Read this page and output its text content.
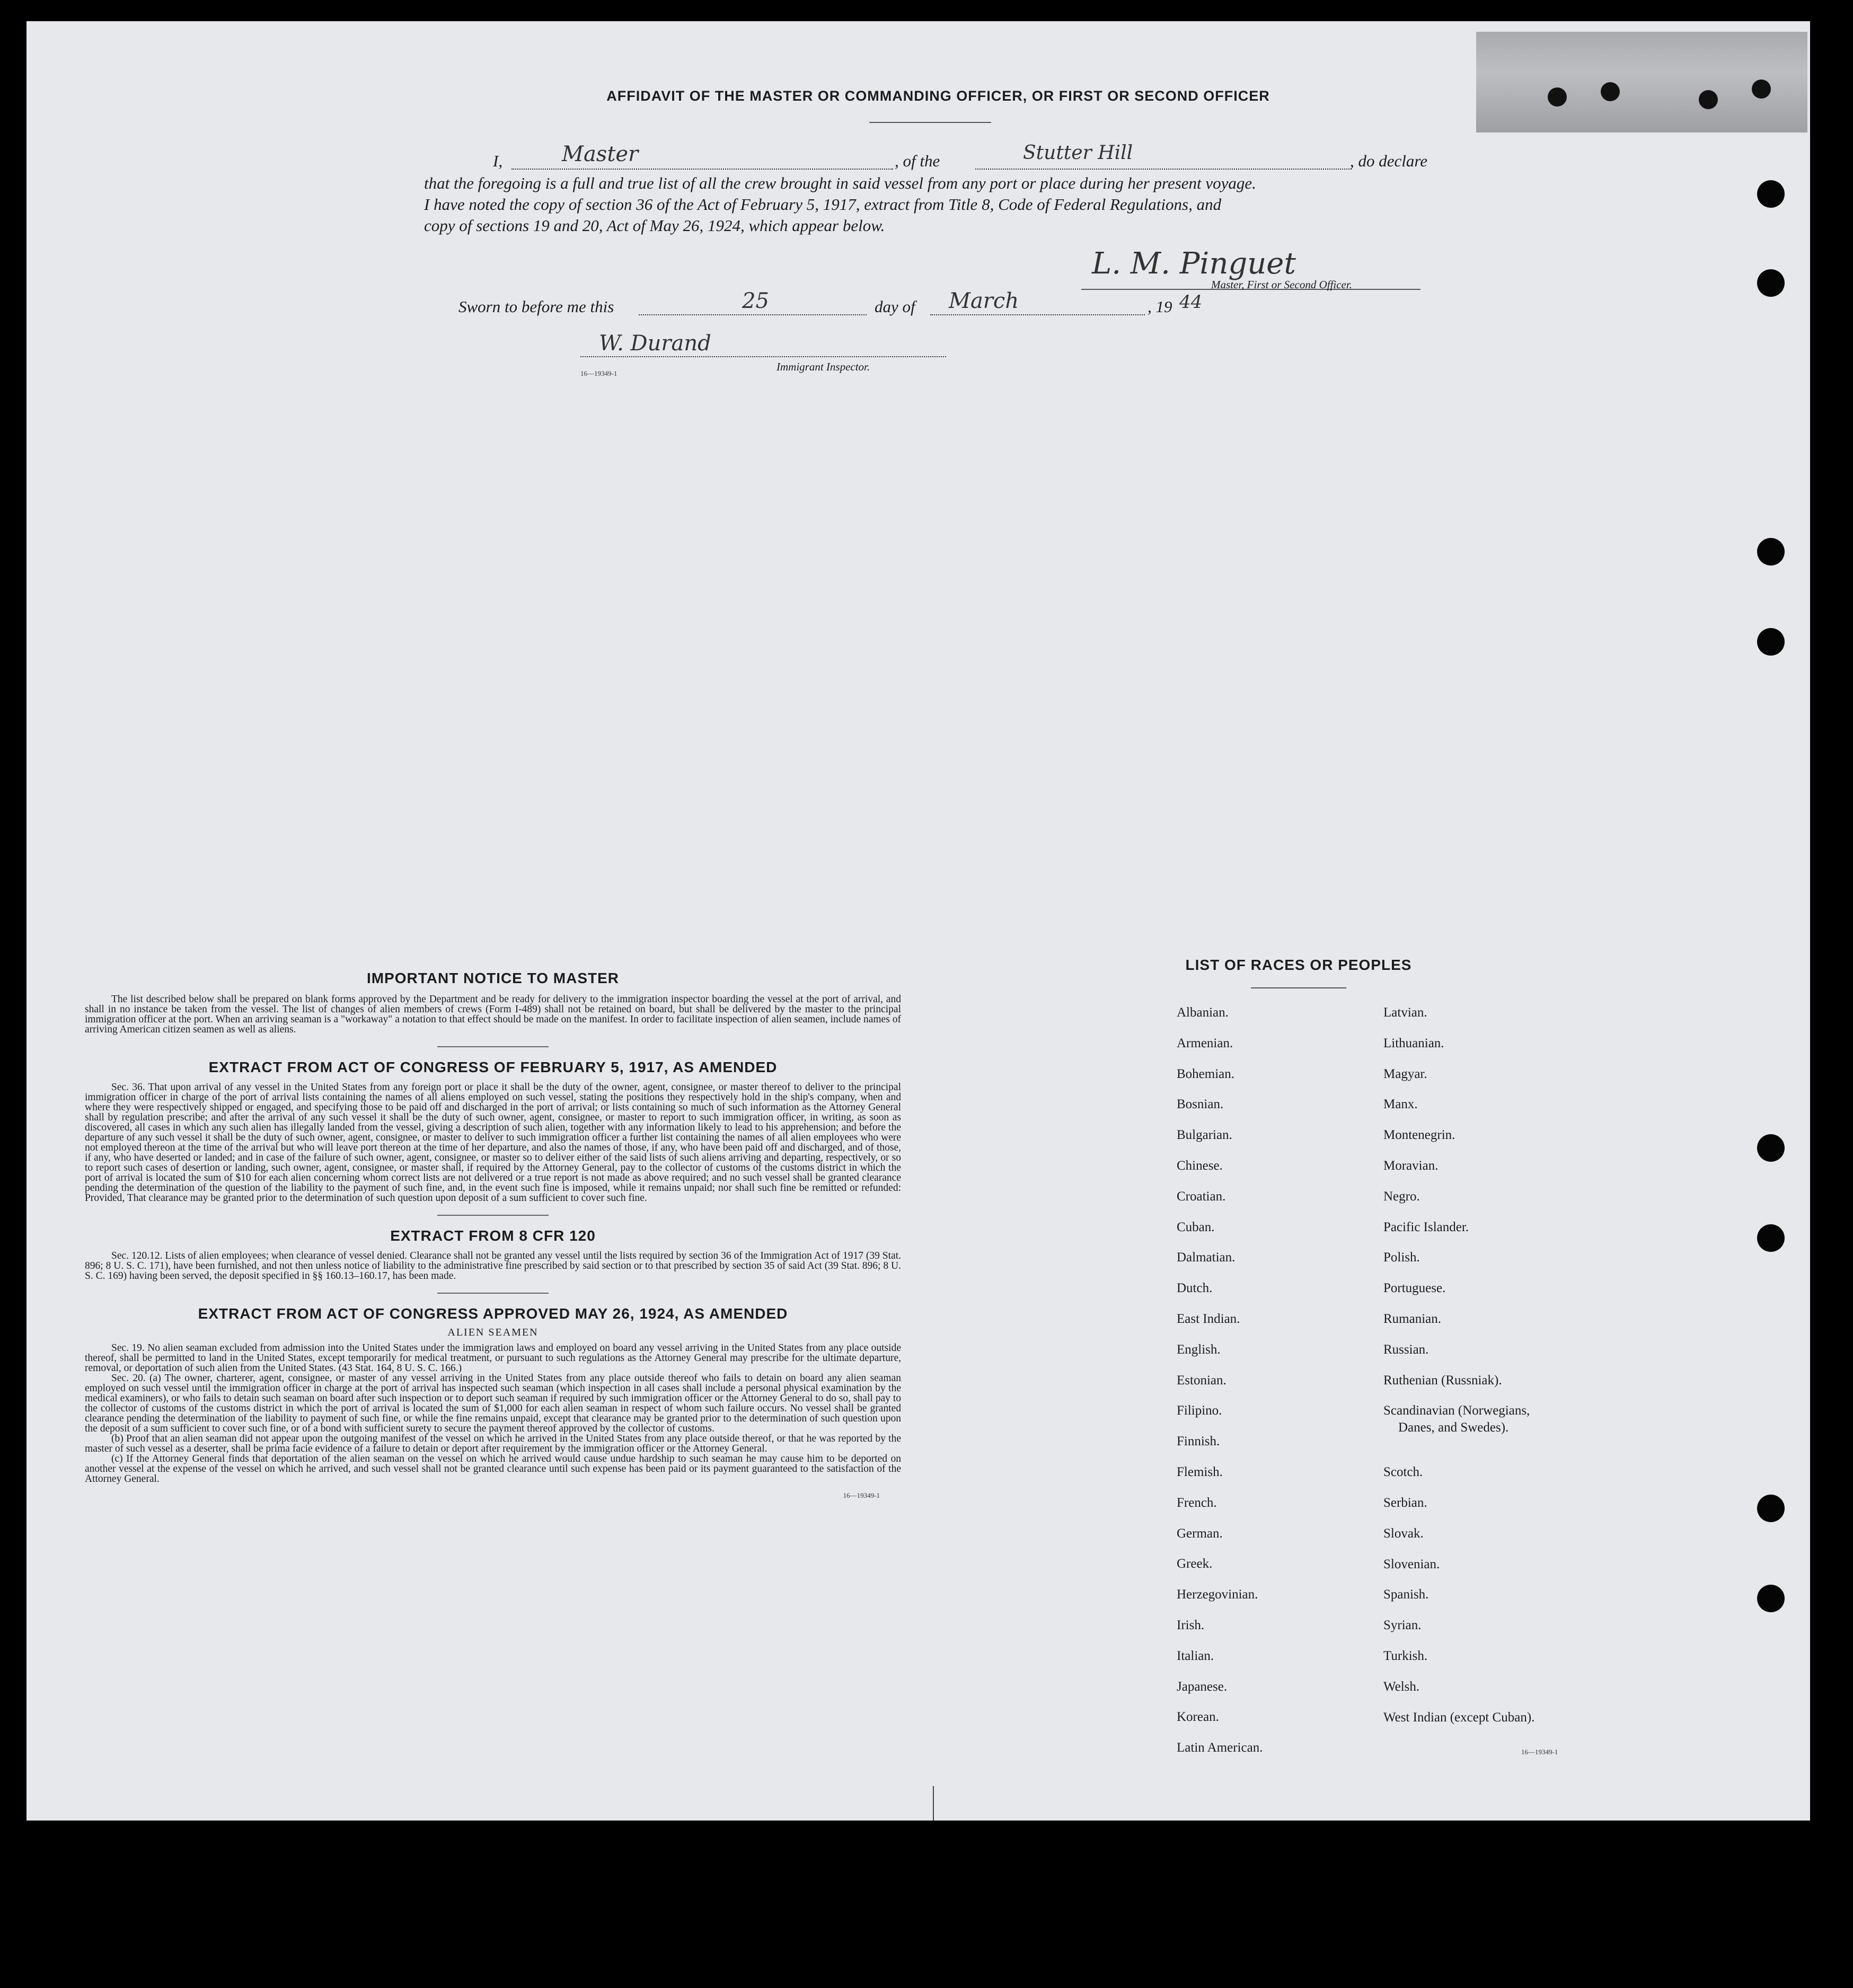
AFFIDAVIT OF THE MASTER OR COMMANDING OFFICER, OR FIRST OR SECOND OFFICER
I,	Master	, of the	Stutter Hill	, do declare
that the foregoing is a full and true list of all the crew brought in said vessel from any port or place during her present voyage.
I have noted the copy of section 36 of the Act of February 5, 1917, extract from Title 8, Code of Federal Regulations, and
copy of sections 19 and 20, Act of May 26, 1924, which appear below.
L. M. Pinguet
Master, First or Second Officer.
Sworn to before me this	25	day of March	, 19 44
W. Durand
16—19349-1
Immigrant Inspector.
IMPORTANT NOTICE TO MASTER

The list described below shall be prepared on blank forms approved by the Department and be ready for delivery to the immigration inspector boarding the vessel at the port of arrival, and shall in no instance be taken from the vessel. The list of changes of alien members of crews (Form I-489) shall not be retained on board, but shall be delivered by the master to the principal immigration officer at the port. When an arriving seaman is a "workaway" a notation to that effect should be made on the manifest. In order to facilitate inspection of alien seamen, include names of arriving American citizen seamen as well as aliens.

EXTRACT FROM ACT OF CONGRESS OF FEBRUARY 5, 1917, AS AMENDED

Sec. 36. That upon arrival of any vessel in the United States from any foreign port or place it shall be the duty of the owner, agent, consignee, or master thereof to deliver to the principal immigration officer in charge of the port of arrival lists containing the names of all aliens employed on such vessel, stating the positions they respectively hold in the ship's company, when and where they were respectively shipped or engaged, and specifying those to be paid off and discharged in the port of arrival; or lists containing so much of such information as the Attorney General shall by regulation prescribe; and after the arrival of any such vessel it shall be the duty of such owner, agent, consignee, or master to report to such immigration officer, in writing, as soon as discovered, all cases in which any such alien has illegally landed from the vessel, giving a description of such alien, together with any information likely to lead to his apprehension; and before the departure of any such vessel it shall be the duty of such owner, agent, consignee, or master to deliver to such immigration officer a further list containing the names of all alien employees who were not employed thereon at the time of the arrival but who will leave port thereon at the time of her departure, and also the names of those, if any, who have been paid off and discharged, and of those, if any, who have deserted or landed; and in case of the failure of such owner, agent, consignee, or master so to deliver either of the said lists of such aliens arriving and departing, respectively, or so to report such cases of desertion or landing, such owner, agent, consignee, or master shall, if required by the Attorney General, pay to the collector of customs of the customs district in which the port of arrival is located the sum of $10 for each alien concerning whom correct lists are not delivered or a true report is not made as above required; and no such vessel shall be granted clearance pending the determination of the question of the liability to the payment of such fine, and, in the event such fine is imposed, while it remains unpaid; nor shall such fine be remitted or refunded: Provided, That clearance may be granted prior to the determination of such question upon deposit of a sum sufficient to cover such fine.

EXTRACT FROM 8 CFR 120

Sec. 120.12. Lists of alien employees; when clearance of vessel denied. Clearance shall not be granted any vessel until the lists required by section 36 of the Immigration Act of 1917 (39 Stat. 896; 8 U. S. C. 171), have been furnished, and not then unless notice of liability to the administrative fine prescribed by said section or to that prescribed by section 35 of said Act (39 Stat. 896; 8 U. S. C. 169) having been served, the deposit specified in §§ 160.13–160.17, has been made.

EXTRACT FROM ACT OF CONGRESS APPROVED MAY 26, 1924, AS AMENDED
ALIEN SEAMEN

Sec. 19. No alien seaman excluded from admission into the United States under the immigration laws and employed on board any vessel arriving in the United States from any place outside thereof, shall be permitted to land in the United States, except temporarily for medical treatment, or pursuant to such regulations as the Attorney General may prescribe for the ultimate departure, removal, or deportation of such alien from the United States. (43 Stat. 164, 8 U. S. C. 166.)

Sec. 20. (a) The owner, charterer, agent, consignee, or master of any vessel arriving in the United States from any place outside thereof who fails to detain on board any alien seaman employed on such vessel until the immigration officer in charge at the port of arrival has inspected such seaman (which inspection in all cases shall include a personal physical examination by the medical examiners), or who fails to detain such seaman on board after such inspection or to deport such seaman if required by such immigration officer or the Attorney General to do so, shall pay to the collector of customs of the customs district in which the port of arrival is located the sum of $1,000 for each alien seaman in respect of whom such failure occurs. No vessel shall be granted clearance pending the determination of the liability to payment of such fine, or while the fine remains unpaid, except that clearance may be granted prior to the determination of such question upon the deposit of a sum sufficient to cover such fine, or of a bond with sufficient surety to secure the payment thereof approved by the collector of customs.

(b) Proof that an alien seaman did not appear upon the outgoing manifest of the vessel on which he arrived in the United States from any place outside thereof, or that he was reported by the master of such vessel as a deserter, shall be prima facie evidence of a failure to detain or deport after requirement by the immigration officer or the Attorney General.

(c) If the Attorney General finds that deportation of the alien seaman on the vessel on which he arrived would cause undue hardship to such seaman he may cause him to be deported on another vessel at the expense of the vessel on which he arrived, and such vessel shall not be granted clearance until such expense has been paid or its payment guaranteed to the satisfaction of the Attorney General.

16—19349-1
LIST OF RACES OR PEOPLES
Albanian.
Armenian.
Bohemian.
Bosnian.
Bulgarian.
Chinese.
Croatian.
Cuban.
Dalmatian.
Dutch.
East Indian.
English.
Estonian.
Filipino.
Finnish.
Flemish.
French.
German.
Greek.
Herzegovinian.
Irish.
Italian.
Japanese.
Korean.
Latin American.
Latvian.
Lithuanian.
Magyar.
Manx.
Montenegrin.
Moravian.
Negro.
Pacific Islander.
Polish.
Portuguese.
Rumanian.
Russian.
Ruthenian (Russniak).
Scandinavian (Norwegians,
Danes, and Swedes).
Scotch.
Serbian.
Slovak.
Slovenian.
Spanish.
Syrian.
Turkish.
Welsh.
West Indian (except Cuban).
16—19349-1
